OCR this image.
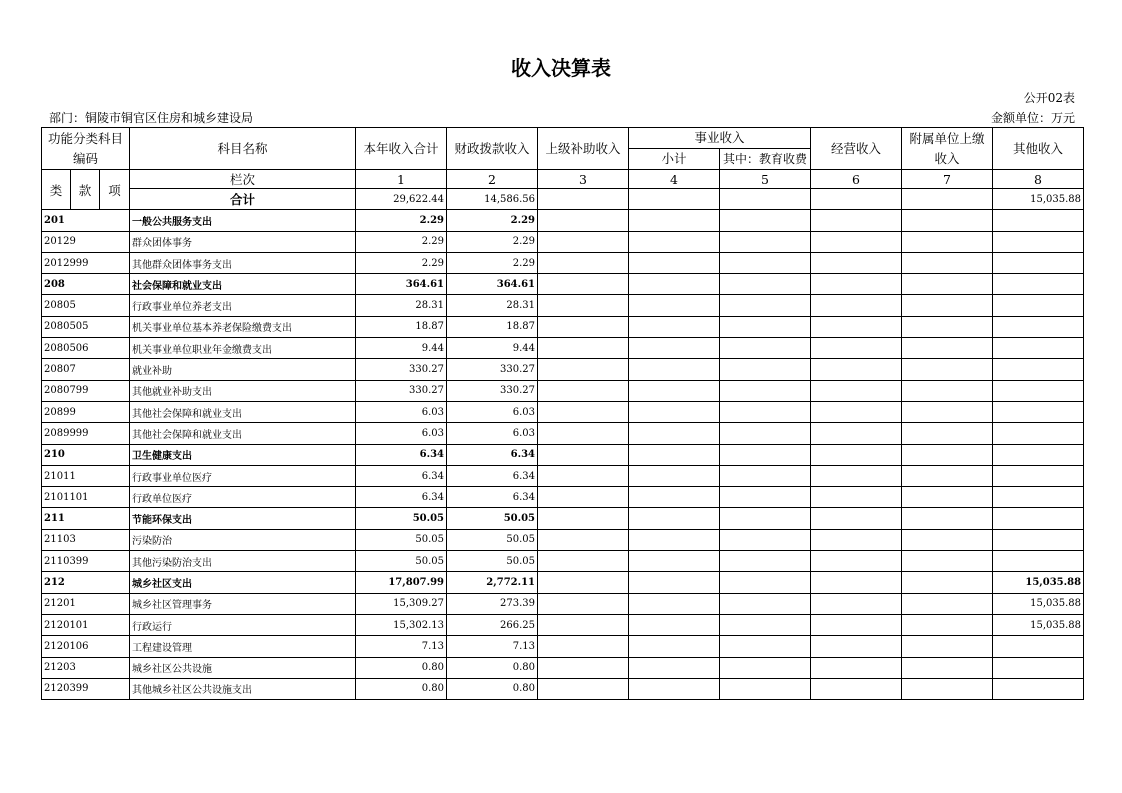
收入决算表
公开02表
部门：铜陵市铜官区住房和城乡建设局	金额单位：万元
功能分类科目编码			科目名称	本年收入合计	财政拨款收入	上级补助收入	事业收入		经营收入	附属单位上缴收入	其他收入
							小计	其中：教育收费			
类	款	项	栏次	1	2	3	4	5	6	7	8
			合计	29,622.44	14,586.56						15,035.88
201			一般公共服务支出	2.29	2.29						
20129			群众团体事务	2.29	2.29						
2012999			其他群众团体事务支出	2.29	2.29						
208			社会保障和就业支出	364.61	364.61						
20805			行政事业单位养老支出	28.31	28.31						
2080505			机关事业单位基本养老保险缴费支出	18.87	18.87						
2080506			机关事业单位职业年金缴费支出	9.44	9.44						
20807			就业补助	330.27	330.27						
2080799			其他就业补助支出	330.27	330.27						
20899			其他社会保障和就业支出	6.03	6.03						
2089999			其他社会保障和就业支出	6.03	6.03						
210			卫生健康支出	6.34	6.34						
21011			行政事业单位医疗	6.34	6.34						
2101101			行政单位医疗	6.34	6.34						
211			节能环保支出	50.05	50.05						
21103			污染防治	50.05	50.05						
2110399			其他污染防治支出	50.05	50.05						
212			城乡社区支出	17,807.99	2,772.11						15,035.88
21201			城乡社区管理事务	15,309.27	273.39						15,035.88
2120101			行政运行	15,302.13	266.25						15,035.88
2120106			工程建设管理	7.13	7.13						
21203			城乡社区公共设施	0.80	0.80						
2120399			其他城乡社区公共设施支出	0.80	0.80						
